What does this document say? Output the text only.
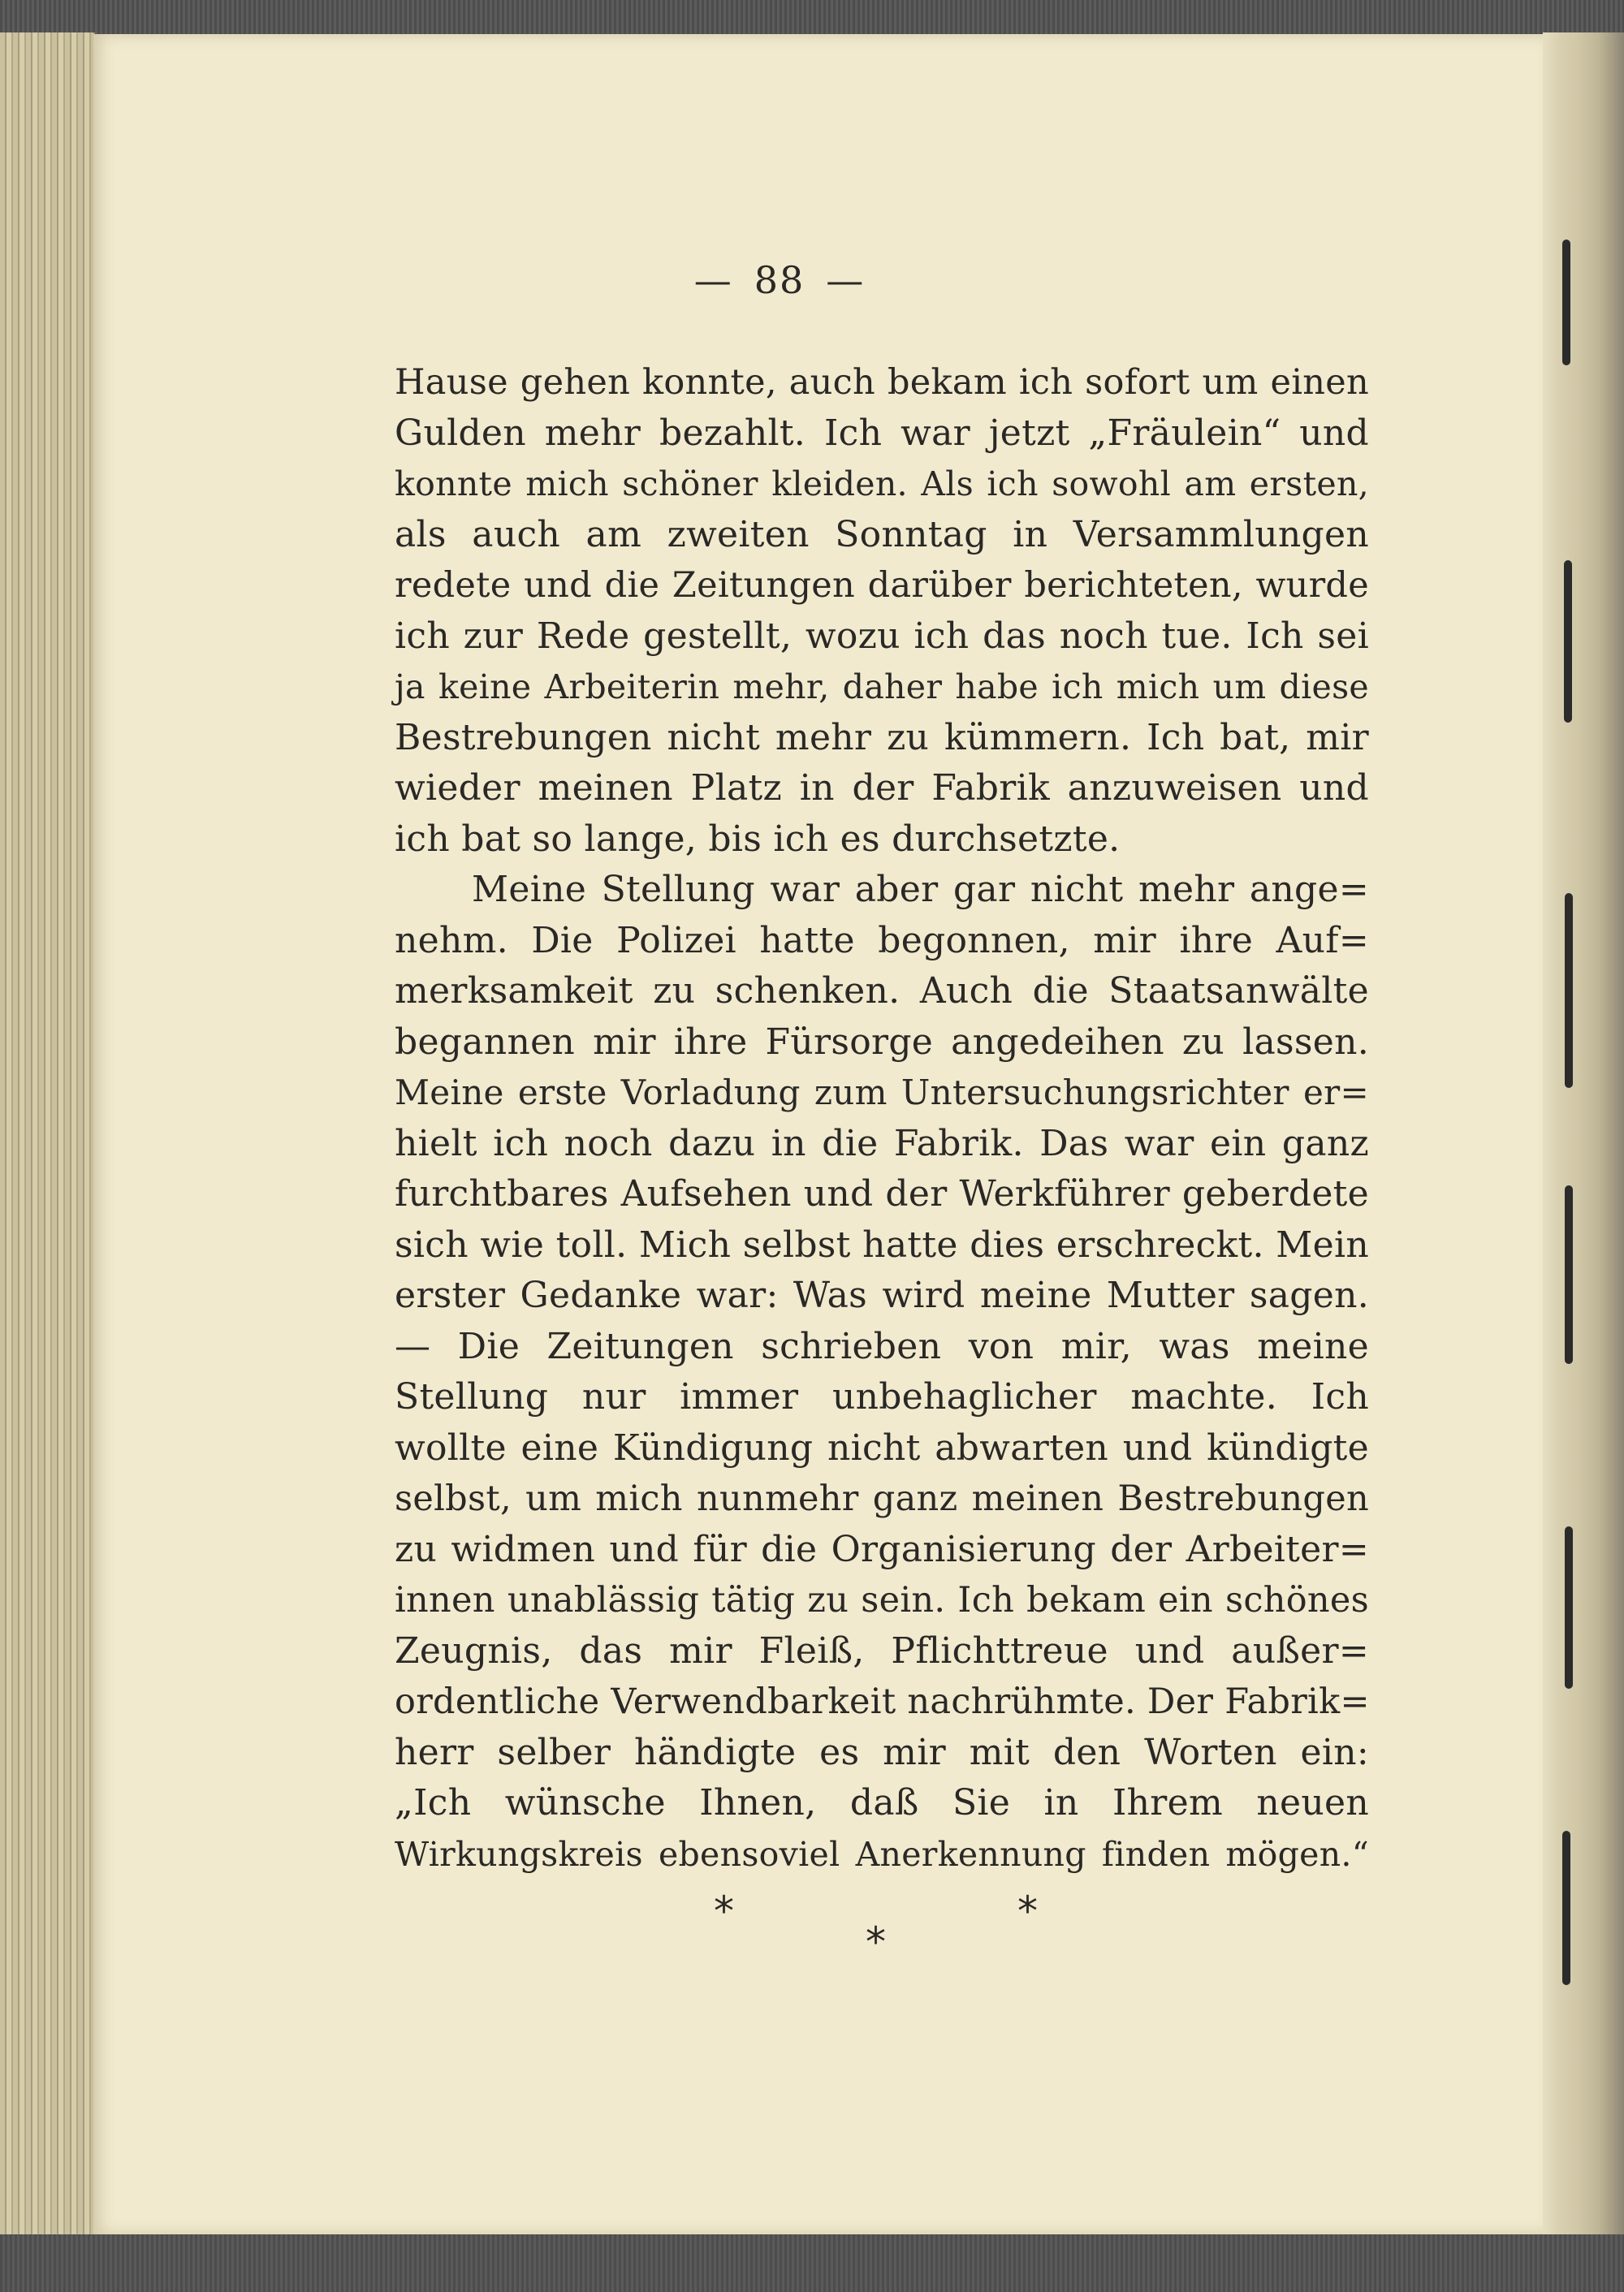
— 88 —
Hause gehen konnte, auch bekam ich sofort um einen
Gulden mehr bezahlt. Ich war jetzt „Fräulein“ und
konnte mich schöner kleiden. Als ich sowohl am ersten,
als auch am zweiten Sonntag in Versammlungen
redete und die Zeitungen darüber berichteten, wurde
ich zur Rede gestellt, wozu ich das noch tue. Ich sei
ja keine Arbeiterin mehr, daher habe ich mich um diese
Bestrebungen nicht mehr zu kümmern. Ich bat, mir
wieder meinen Platz in der Fabrik anzuweisen und
ich bat so lange, bis ich es durchsetzte.
Meine Stellung war aber gar nicht mehr ange=
nehm. Die Polizei hatte begonnen, mir ihre Auf=
merksamkeit zu schenken. Auch die Staatsanwälte
begannen mir ihre Fürsorge angedeihen zu lassen.
Meine erste Vorladung zum Untersuchungsrichter er=
hielt ich noch dazu in die Fabrik. Das war ein ganz
furchtbares Aufsehen und der Werkführer geberdete
sich wie toll. Mich selbst hatte dies erschreckt. Mein
erster Gedanke war: Was wird meine Mutter sagen.
— Die Zeitungen schrieben von mir, was meine
Stellung nur immer unbehaglicher machte. Ich
wollte eine Kündigung nicht abwarten und kündigte
selbst, um mich nunmehr ganz meinen Bestrebungen
zu widmen und für die Organisierung der Arbeiter=
innen unablässig tätig zu sein. Ich bekam ein schönes
Zeugnis, das mir Fleiß, Pflichttreue und außer=
ordentliche Verwendbarkeit nachrühmte. Der Fabrik=
herr selber händigte es mir mit den Worten ein:
„Ich wünsche Ihnen, daß Sie in Ihrem neuen
Wirkungskreis ebensoviel Anerkennung finden mögen.“
*
*
*
